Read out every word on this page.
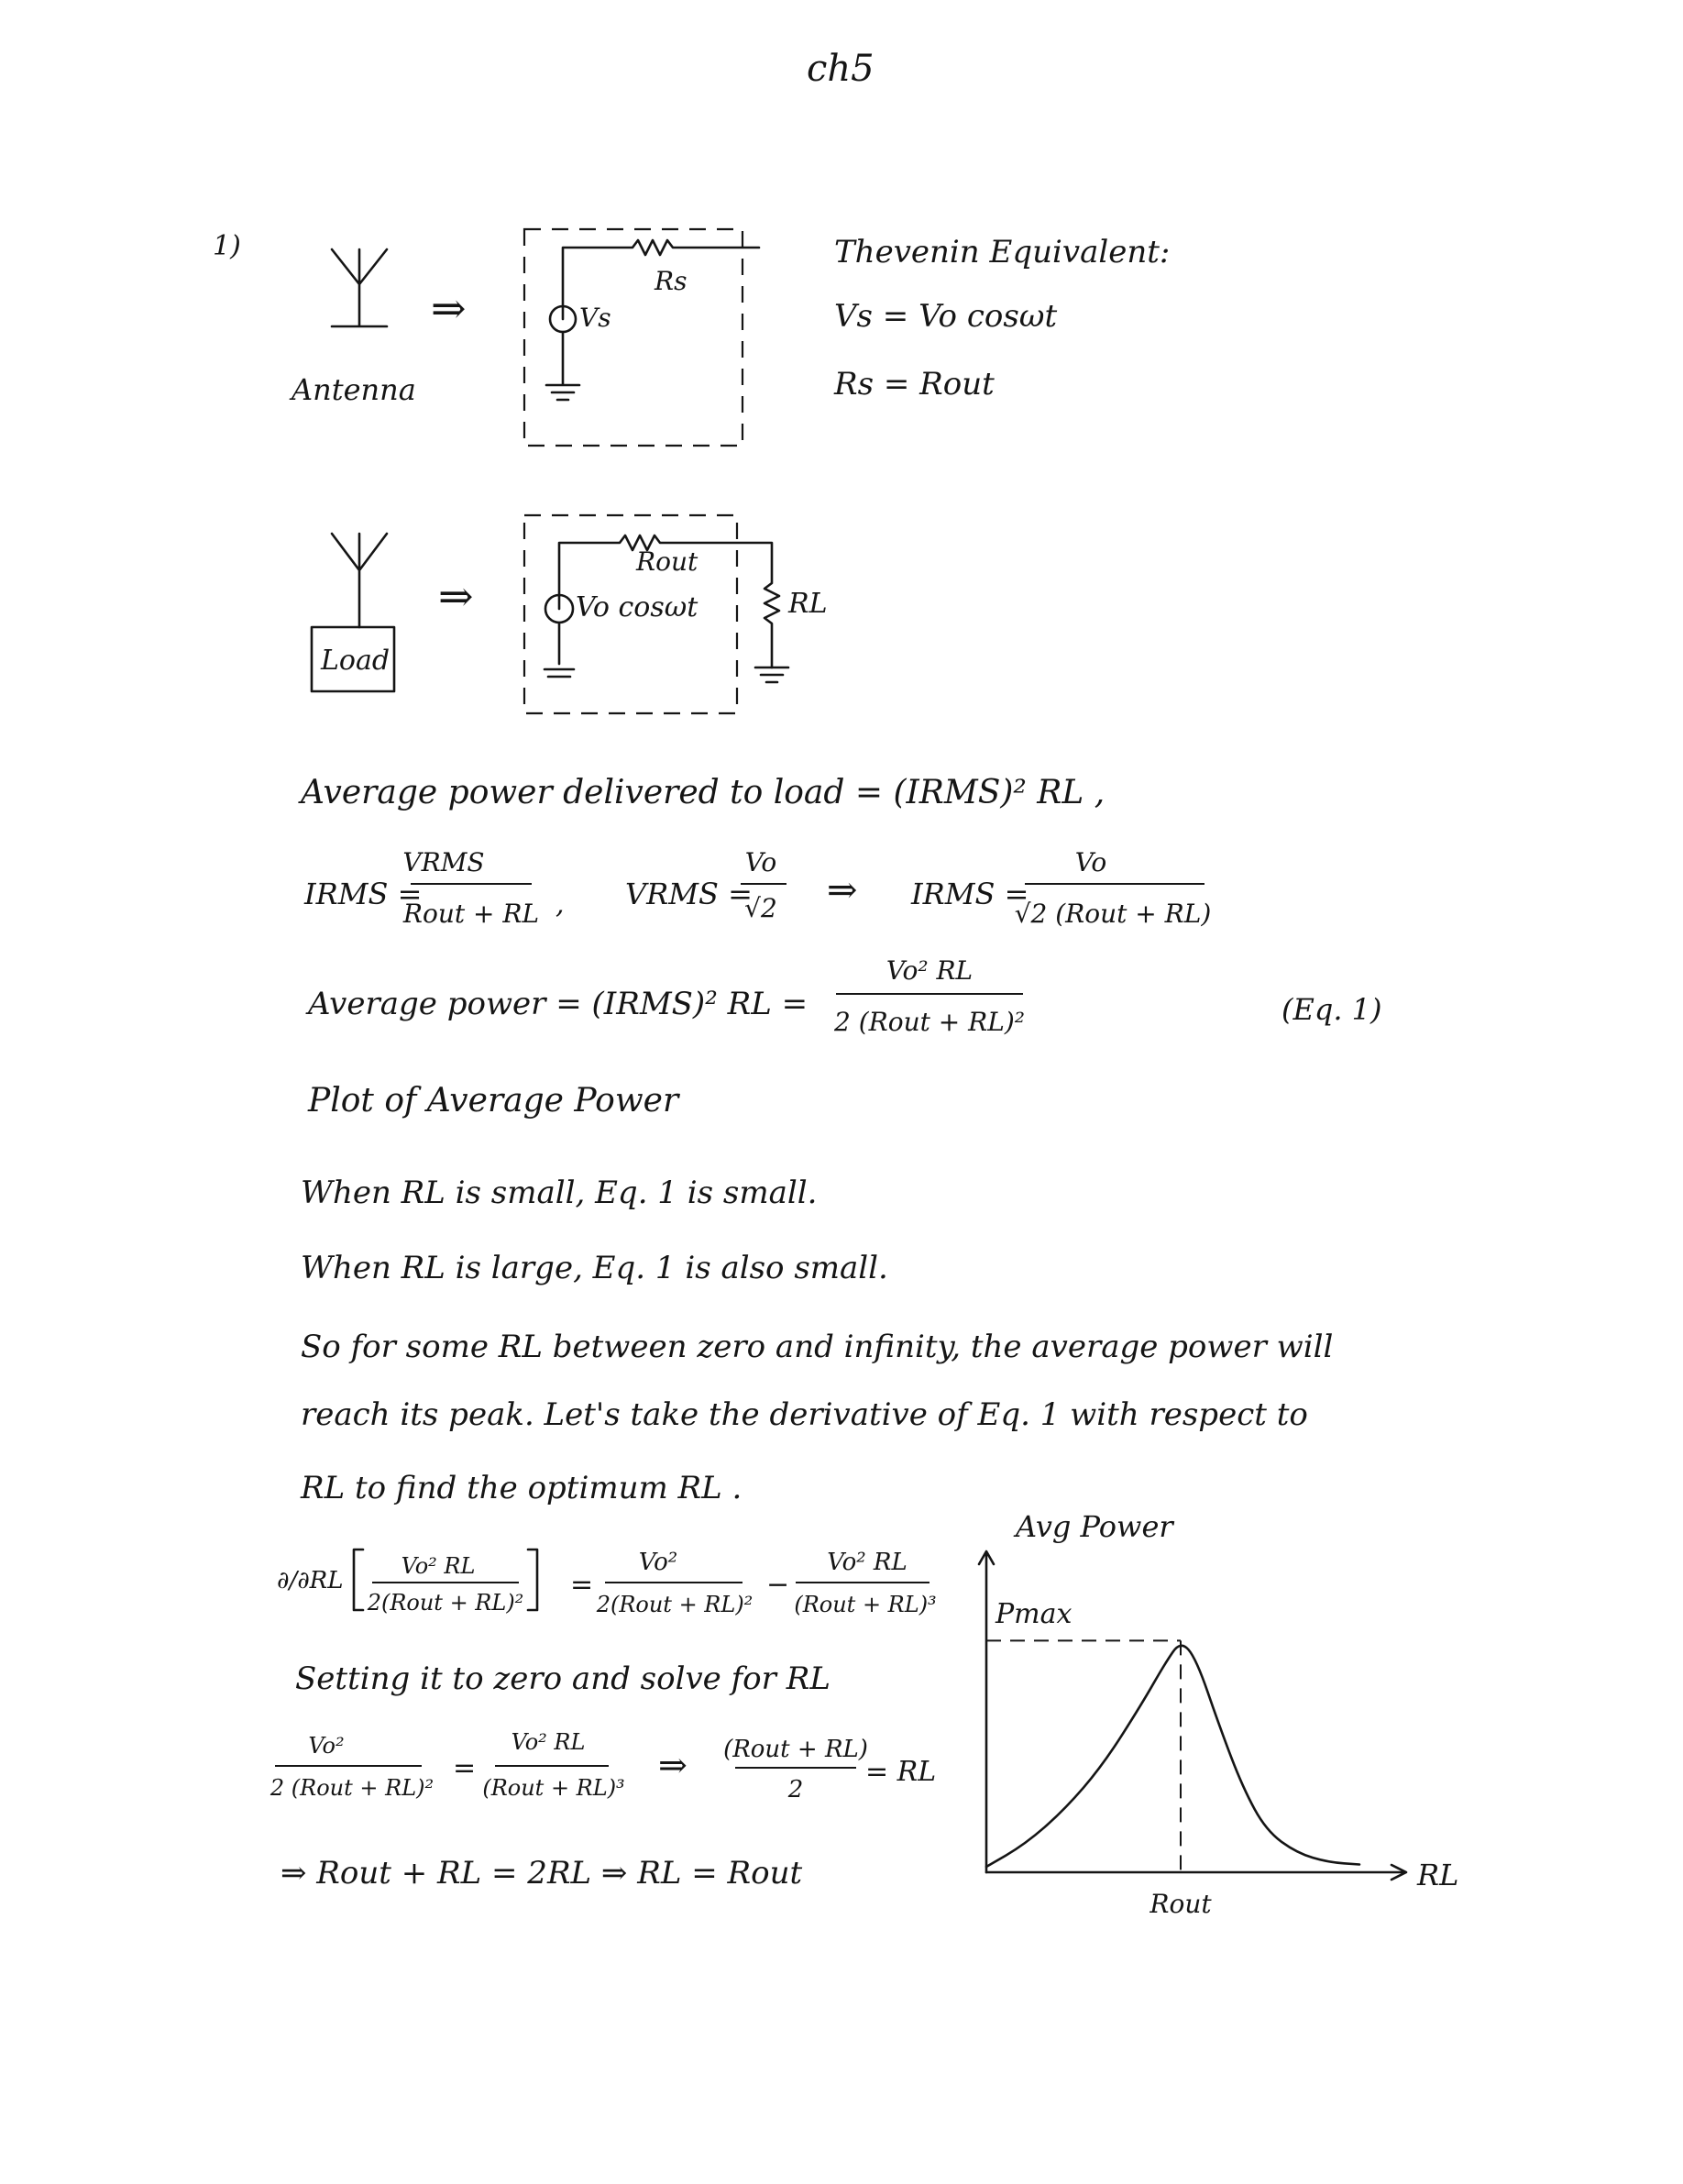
ch5
1)
Antenna
⇒	Vs
Rs
Thevenin Equivalent:
Vs = Vo cosωt
Rs = Rout
Load
⇒
Rout
Vo cosωt	RL
Average power delivered to load = (IRMS)² RL ,
IRMS =
VRMS
Rout + RL , VRMS =
Vo
√2 ⇒ IRMS =
Vo
√2 (Rout + RL)
Average power = (IRMS)² RL =
Vo² RL
2 (Rout + RL)²	(Eq. 1)
Plot of Average Power
When RL is small, Eq. 1 is small.
When RL is large, Eq. 1 is also small.
So for some RL between zero and infinity, the average power will
reach its peak. Let's take the derivative of Eq. 1 with respect to
RL to find the optimum RL .
∂/∂RL
Vo² RL
2(Rout + RL)²
=
Vo²
2(Rout + RL)²
−
Vo² RL
(Rout + RL)³
Setting it to zero and solve for RL
Vo²
2 (Rout + RL)²
=
Vo² RL
(Rout + RL)³
⇒ (Rout + RL)
2
= RL
⇒ Rout + RL = 2RL ⇒ RL = Rout
Avg Power
RL
Rout
Pmax
